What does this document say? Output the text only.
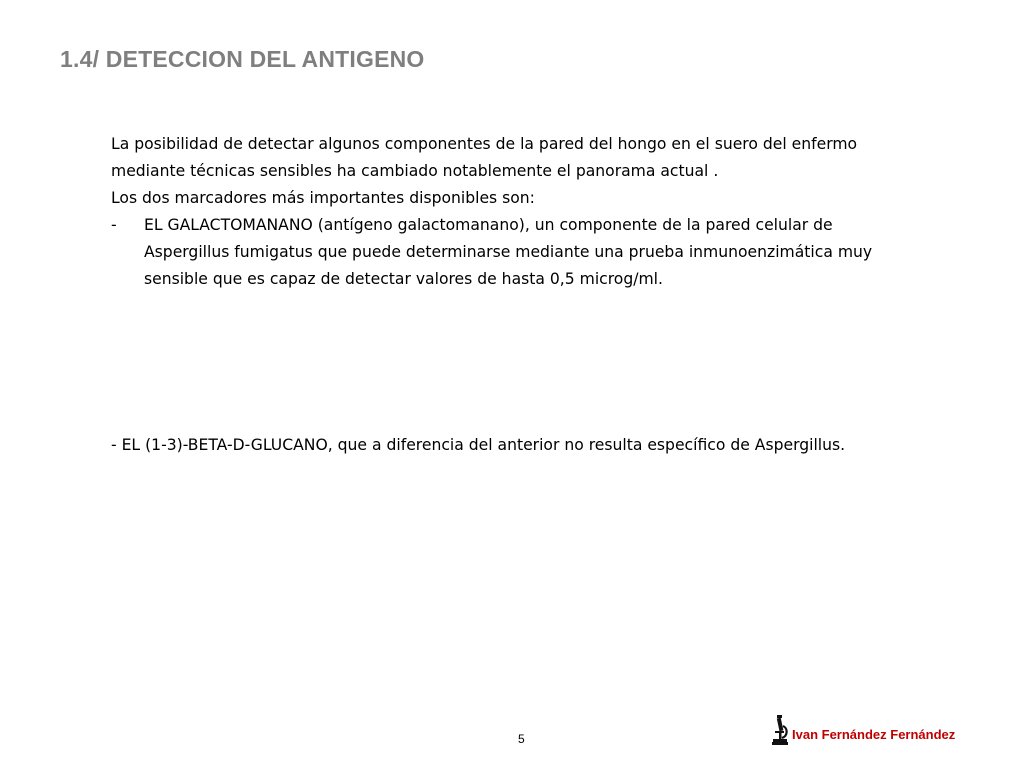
1.4/ DETECCION DEL ANTIGENO

La posibilidad de detectar algunos componentes de la pared del hongo en el suero del enfermo mediante técnicas sensibles ha cambiado notablemente el panorama actual .

Los dos marcadores más importantes disponibles son:

-	EL GALACTOMANANO (antígeno galactomanano), un componente de la pared celular de Aspergillus fumigatus que puede determinarse mediante una prueba inmunoenzimática muy sensible que es capaz de detectar valores de hasta 0,5 microg/ml.

- EL (1-3)-BETA-D-GLUCANO, que a diferencia del anterior no resulta específico de Aspergillus.

5	Ivan Fernández Fernández
